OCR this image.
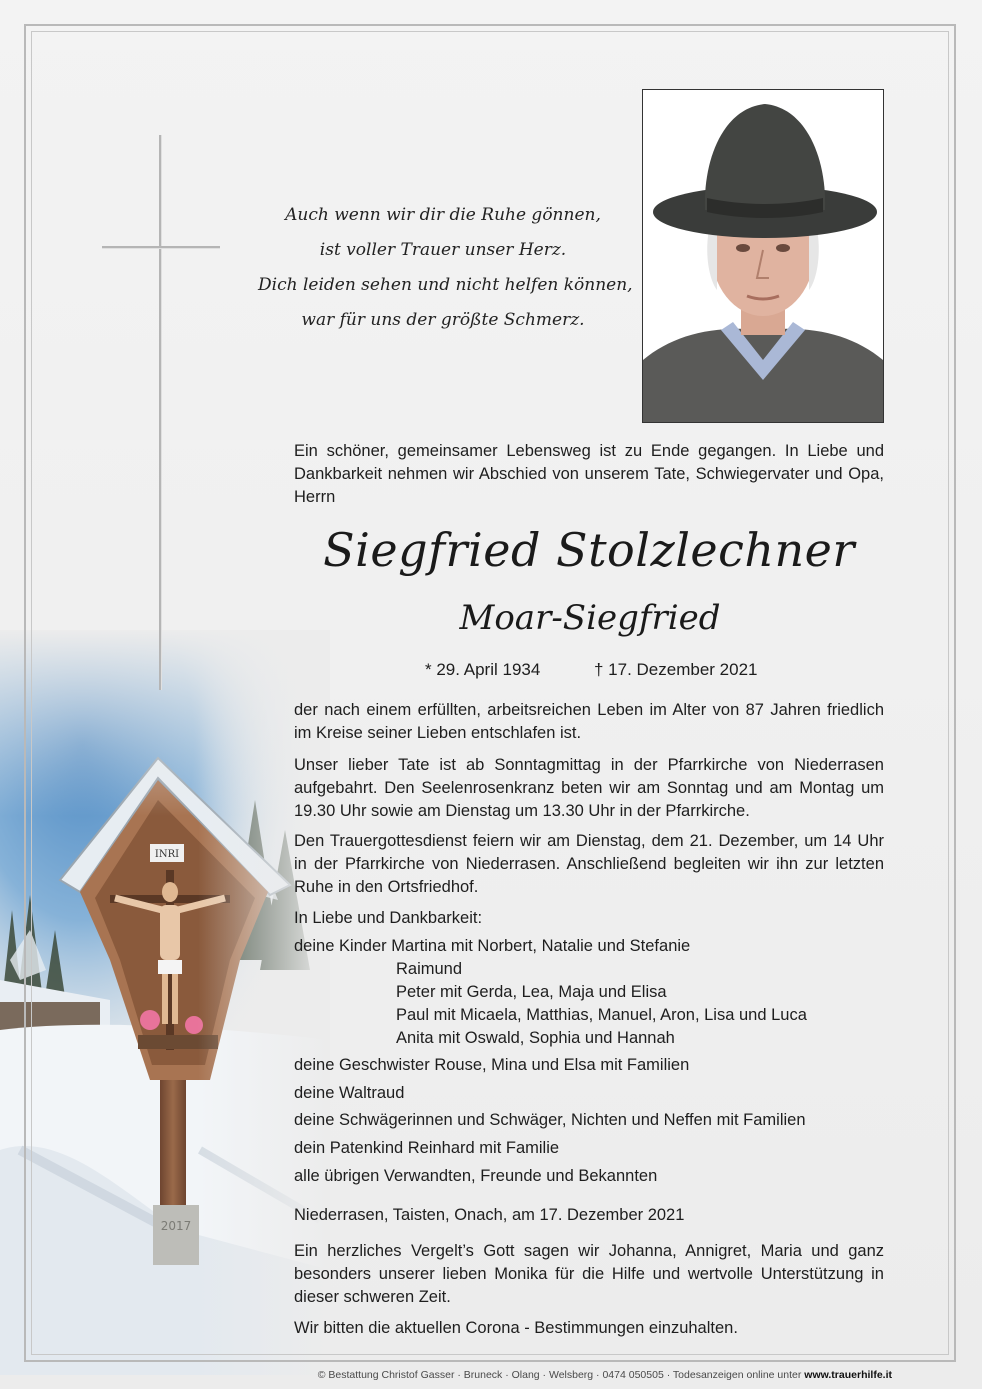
Auch wenn wir dir die Ruhe gönnen,
ist voller Trauer unser Herz.
Dich leiden sehen und nicht helfen können,
war für uns der größte Schmerz.
Ein schöner, gemeinsamer Lebensweg ist zu Ende gegangen. In Liebe und Dankbarkeit nehmen wir Abschied von unserem Tate, Schwiegervater und Opa, Herrn
Siegfried Stolzlechner
Moar-Siegfried
* 29. April 1934	† 17. Dezember 2021
der nach einem erfüllten, arbeitsreichen Leben im Alter von 87 Jahren friedlich im Kreise seiner Lieben entschlafen ist.
Unser lieber Tate ist ab Sonntagmittag in der Pfarrkirche von Niederrasen aufgebahrt. Den Seelenrosenkranz beten wir am Sonntag und am Montag um 19.30 Uhr sowie am Dienstag um 13.30 Uhr in der Pfarrkirche.
Den Trauergottesdienst feiern wir am Dienstag, dem 21. Dezember, um 14 Uhr in der Pfarrkirche von Niederrasen. Anschließend begleiten wir ihn zur letzten Ruhe in den Ortsfriedhof.
In Liebe und Dankbarkeit:
deine Kinder Martina mit Norbert, Natalie und Stefanie
Raimund
Peter mit Gerda, Lea, Maja und Elisa
Paul mit Micaela, Matthias, Manuel, Aron, Lisa und Luca
Anita mit Oswald, Sophia und Hannah
deine Geschwister Rouse, Mina und Elsa mit Familien
deine Waltraud
deine Schwägerinnen und Schwäger, Nichten und Neffen mit Familien
dein Patenkind Reinhard mit Familie
alle übrigen Verwandten, Freunde und Bekannten
Niederrasen, Taisten, Onach, am 17. Dezember 2021
Ein herzliches Vergelt’s Gott sagen wir Johanna, Annigret, Maria und ganz besonders unserer lieben Monika für die Hilfe und wertvolle Unterstützung in dieser schweren Zeit.
Wir bitten die aktuellen Corona - Bestimmungen einzuhalten.
© Bestattung Christof Gasser · Bruneck · Olang · Welsberg · 0474 050505 · Todesanzeigen online unter www.trauerhilfe.it
